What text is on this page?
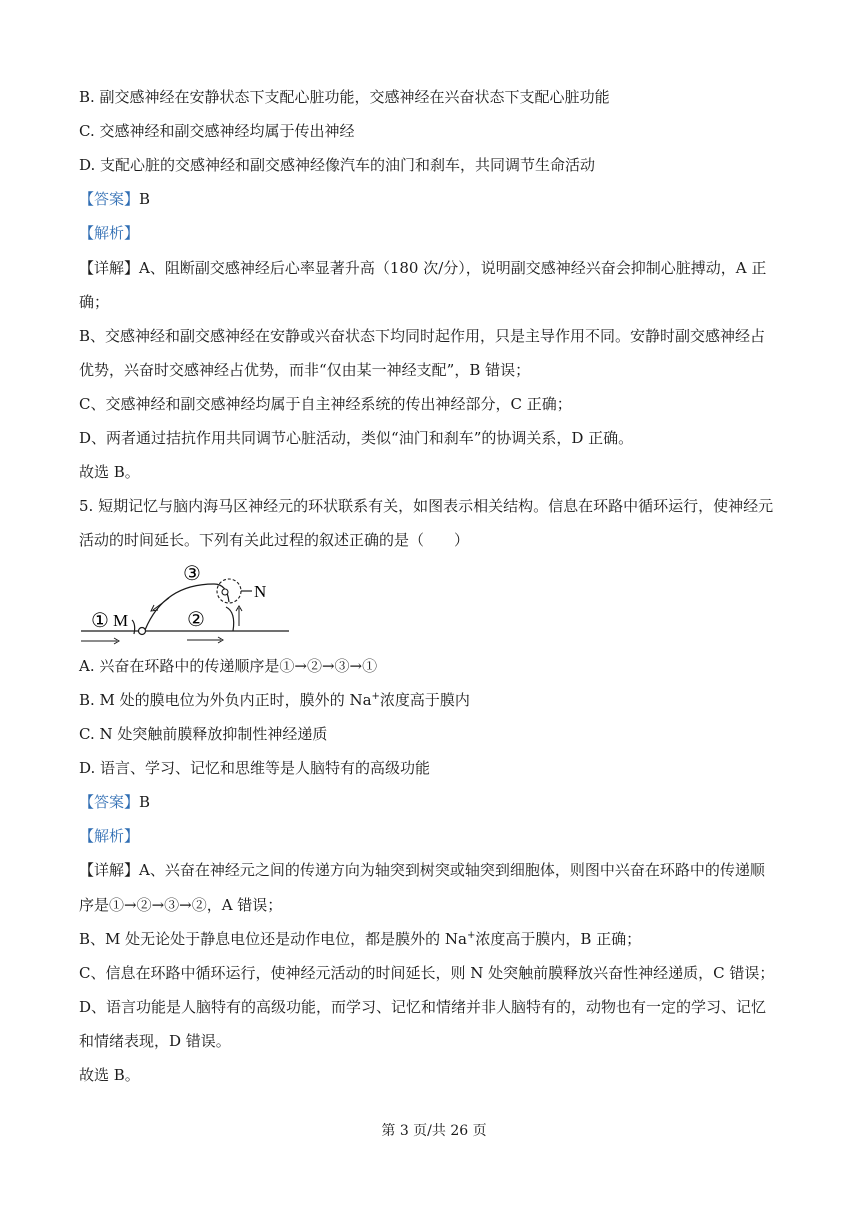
B. 副交感神经在安静状态下支配心脏功能，交感神经在兴奋状态下支配心脏功能
C. 交感神经和副交感神经均属于传出神经
D. 支配心脏的交感神经和副交感神经像汽车的油门和刹车，共同调节生命活动
【答案】B
【解析】
【详解】A、阻断副交感神经后心率显著升高（180 次/分），说明副交感神经兴奋会抑制心脏搏动，A 正
确；
B、交感神经和副交感神经在安静或兴奋状态下均同时起作用，只是主导作用不同。安静时副交感神经占
优势，兴奋时交感神经占优势，而非“仅由某一神经支配”，B 错误；
C、交感神经和副交感神经均属于自主神经系统的传出神经部分，C 正确；
D、两者通过拮抗作用共同调节心脏活动，类似“油门和刹车”的协调关系，D 正确。
故选 B。
5. 短期记忆与脑内海马区神经元的环状联系有关，如图表示相关结构。信息在环路中循环运行，使神经元
活动的时间延长。下列有关此过程的叙述正确的是（　　）
① M	②
③
N
A. 兴奋在环路中的传递顺序是①→②→③→①
B. M 处的膜电位为外负内正时，膜外的 Na+浓度高于膜内
C. N 处突触前膜释放抑制性神经递质
D. 语言、学习、记忆和思维等是人脑特有的高级功能
【答案】B
【解析】
【详解】A、兴奋在神经元之间的传递方向为轴突到树突或轴突到细胞体，则图中兴奋在环路中的传递顺
序是①→②→③→②，A 错误；
B、M 处无论处于静息电位还是动作电位，都是膜外的 Na+浓度高于膜内，B 正确；
C、信息在环路中循环运行，使神经元活动的时间延长，则 N 处突触前膜释放兴奋性神经递质，C 错误；
D、语言功能是人脑特有的高级功能，而学习、记忆和情绪并非人脑特有的，动物也有一定的学习、记忆
和情绪表现，D 错误。
故选 B。
第 3 页/共 26 页
